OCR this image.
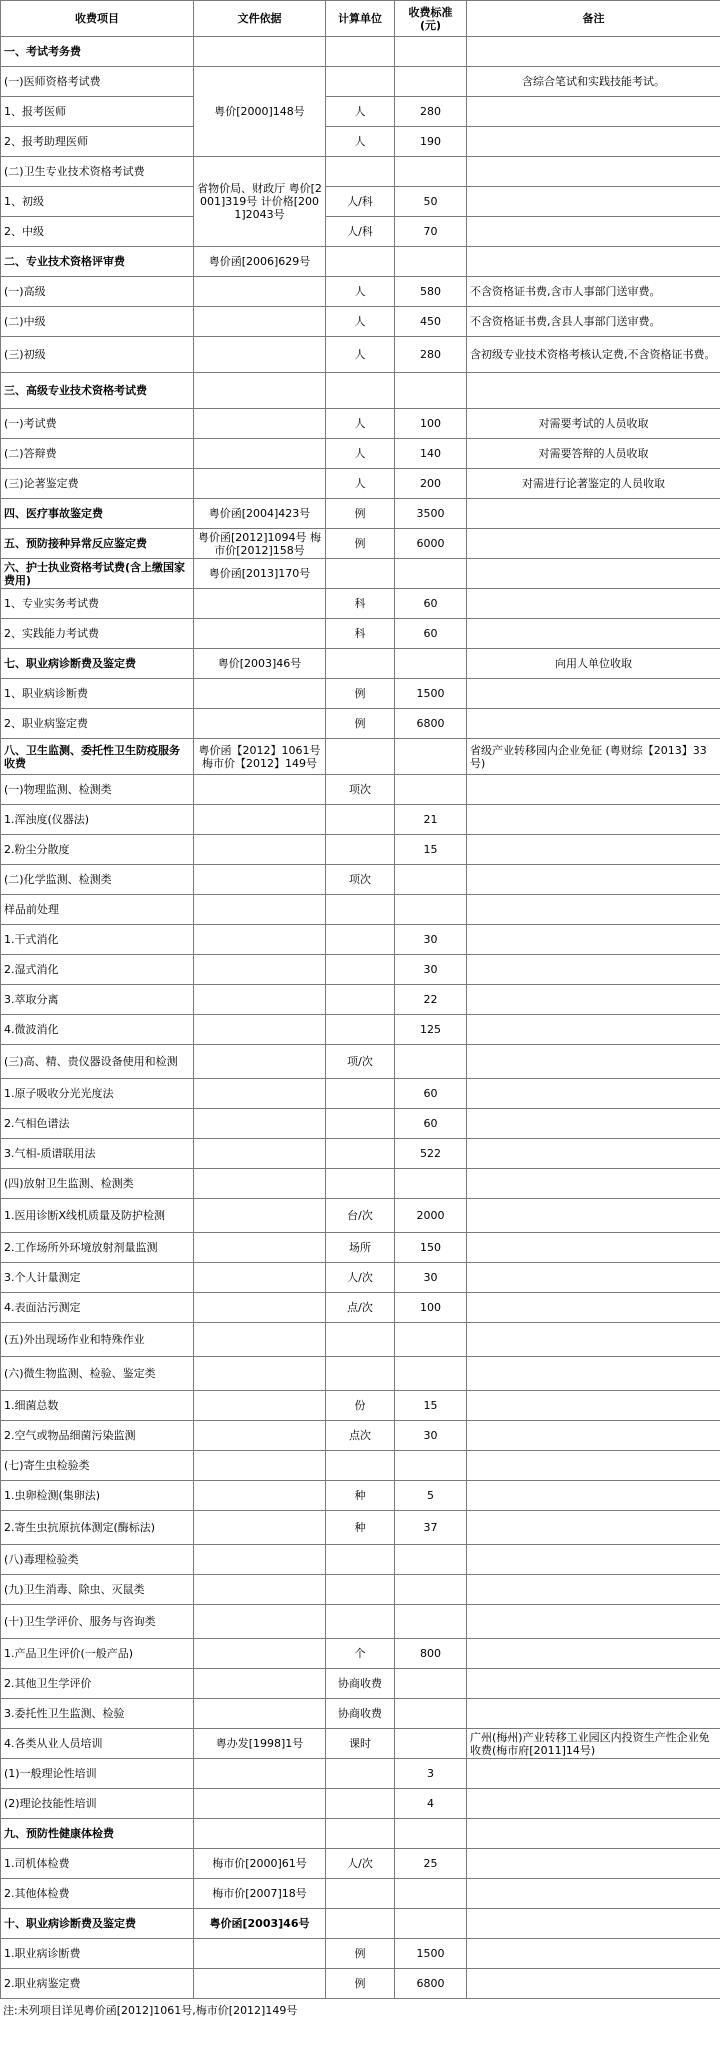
收费项目	文件依据	计算单位	收费标准(元)	备注
一、考试考务费				
(一)医师资格考试费	粤价[2000]148号			含综合笔试和实践技能考试。
1、报考医师		人	280	
2、报考助理医师		人	190	
(二)卫生专业技术资格考试费	省物价局、财政厅 粤价[2001]319号 计价格[2001]2043号			
1、初级		人/科	50	
2、中级		人/科	70	
二、专业技术资格评审费	粤价函[2006]629号			
(一)高级		人	580	不含资格证书费,含市人事部门送审费。
(二)中级		人	450	不含资格证书费,含县人事部门送审费。
(三)初级		人	280	含初级专业技术资格考核认定费,不含资格证书费。
三、高级专业技术资格考试费				
(一)考试费		人	100	对需要考试的人员收取
(二)答辩费		人	140	对需要答辩的人员收取
(三)论著鉴定费		人	200	对需进行论著鉴定的人员收取
四、医疗事故鉴定费	粤价函[2004]423号	例	3500	
五、预防接种异常反应鉴定费	粤价函[2012]1094号 梅市价[2012]158号	例	6000	
六、护士执业资格考试费(含上缴国家费用)	粤价函[2013]170号			
1、专业实务考试费		科	60	
2、实践能力考试费		科	60	
七、职业病诊断费及鉴定费	粤价[2003]46号			向用人单位收取
1、职业病诊断费		例	1500	
2、职业病鉴定费		例	6800	
八、卫生监测、委托性卫生防疫服务收费	粤价函【2012】1061号 梅市价【2012】149号			省级产业转移园内企业免征 (粤财综【2013】33号)
(一)物理监测、检测类		项次		
1.浑浊度(仪器法)			21	
2.粉尘分散度			15	
(二)化学监测、检测类		项次		
样品前处理				
1.干式消化			30	
2.湿式消化			30	
3.萃取分离			22	
4.微波消化			125	
(三)高、精、贵仪器设备使用和检测		项/次		
1.原子吸收分光光度法			60	
2.气相色谱法			60	
3.气相-质谱联用法			522	
(四)放射卫生监测、检测类				
1.医用诊断X线机质量及防护检测		台/次	2000	
2.工作场所外环境放射剂量监测		场所	150	
3.个人计量测定		人/次	30	
4.表面沾污测定		点/次	100	
(五)外出现场作业和特殊作业				
(六)微生物监测、检验、鉴定类				
1.细菌总数		份	15	
2.空气或物品细菌污染监测		点次	30	
(七)寄生虫检验类				
1.虫卵检测(集卵法)		种	5	
2.寄生虫抗原抗体测定(酶标法)		种	37	
(八)毒理检验类				
(九)卫生消毒、除虫、灭鼠类				
(十)卫生学评价、服务与咨询类				
1.产品卫生评价(一般产品)		个	800	
2.其他卫生学评价		协商收费		
3.委托性卫生监测、检验		协商收费		
4.各类从业人员培训	粤办发[1998]1号	课时		广州(梅州)产业转移工业园区内投资生产性企业免收费(梅市府[2011]14号)
(1)一般理论性培训			3	
(2)理论技能性培训			4	
九、预防性健康体检费				
1.司机体检费	梅市价[2000]61号	人/次	25	
2.其他体检费	梅市价[2007]18号			
十、职业病诊断费及鉴定费	粤价函[2003]46号			
1.职业病诊断费		例	1500	
2.职业病鉴定费		例	6800	
注:未列项目详见粤价函[2012]1061号,梅市价[2012]149号
